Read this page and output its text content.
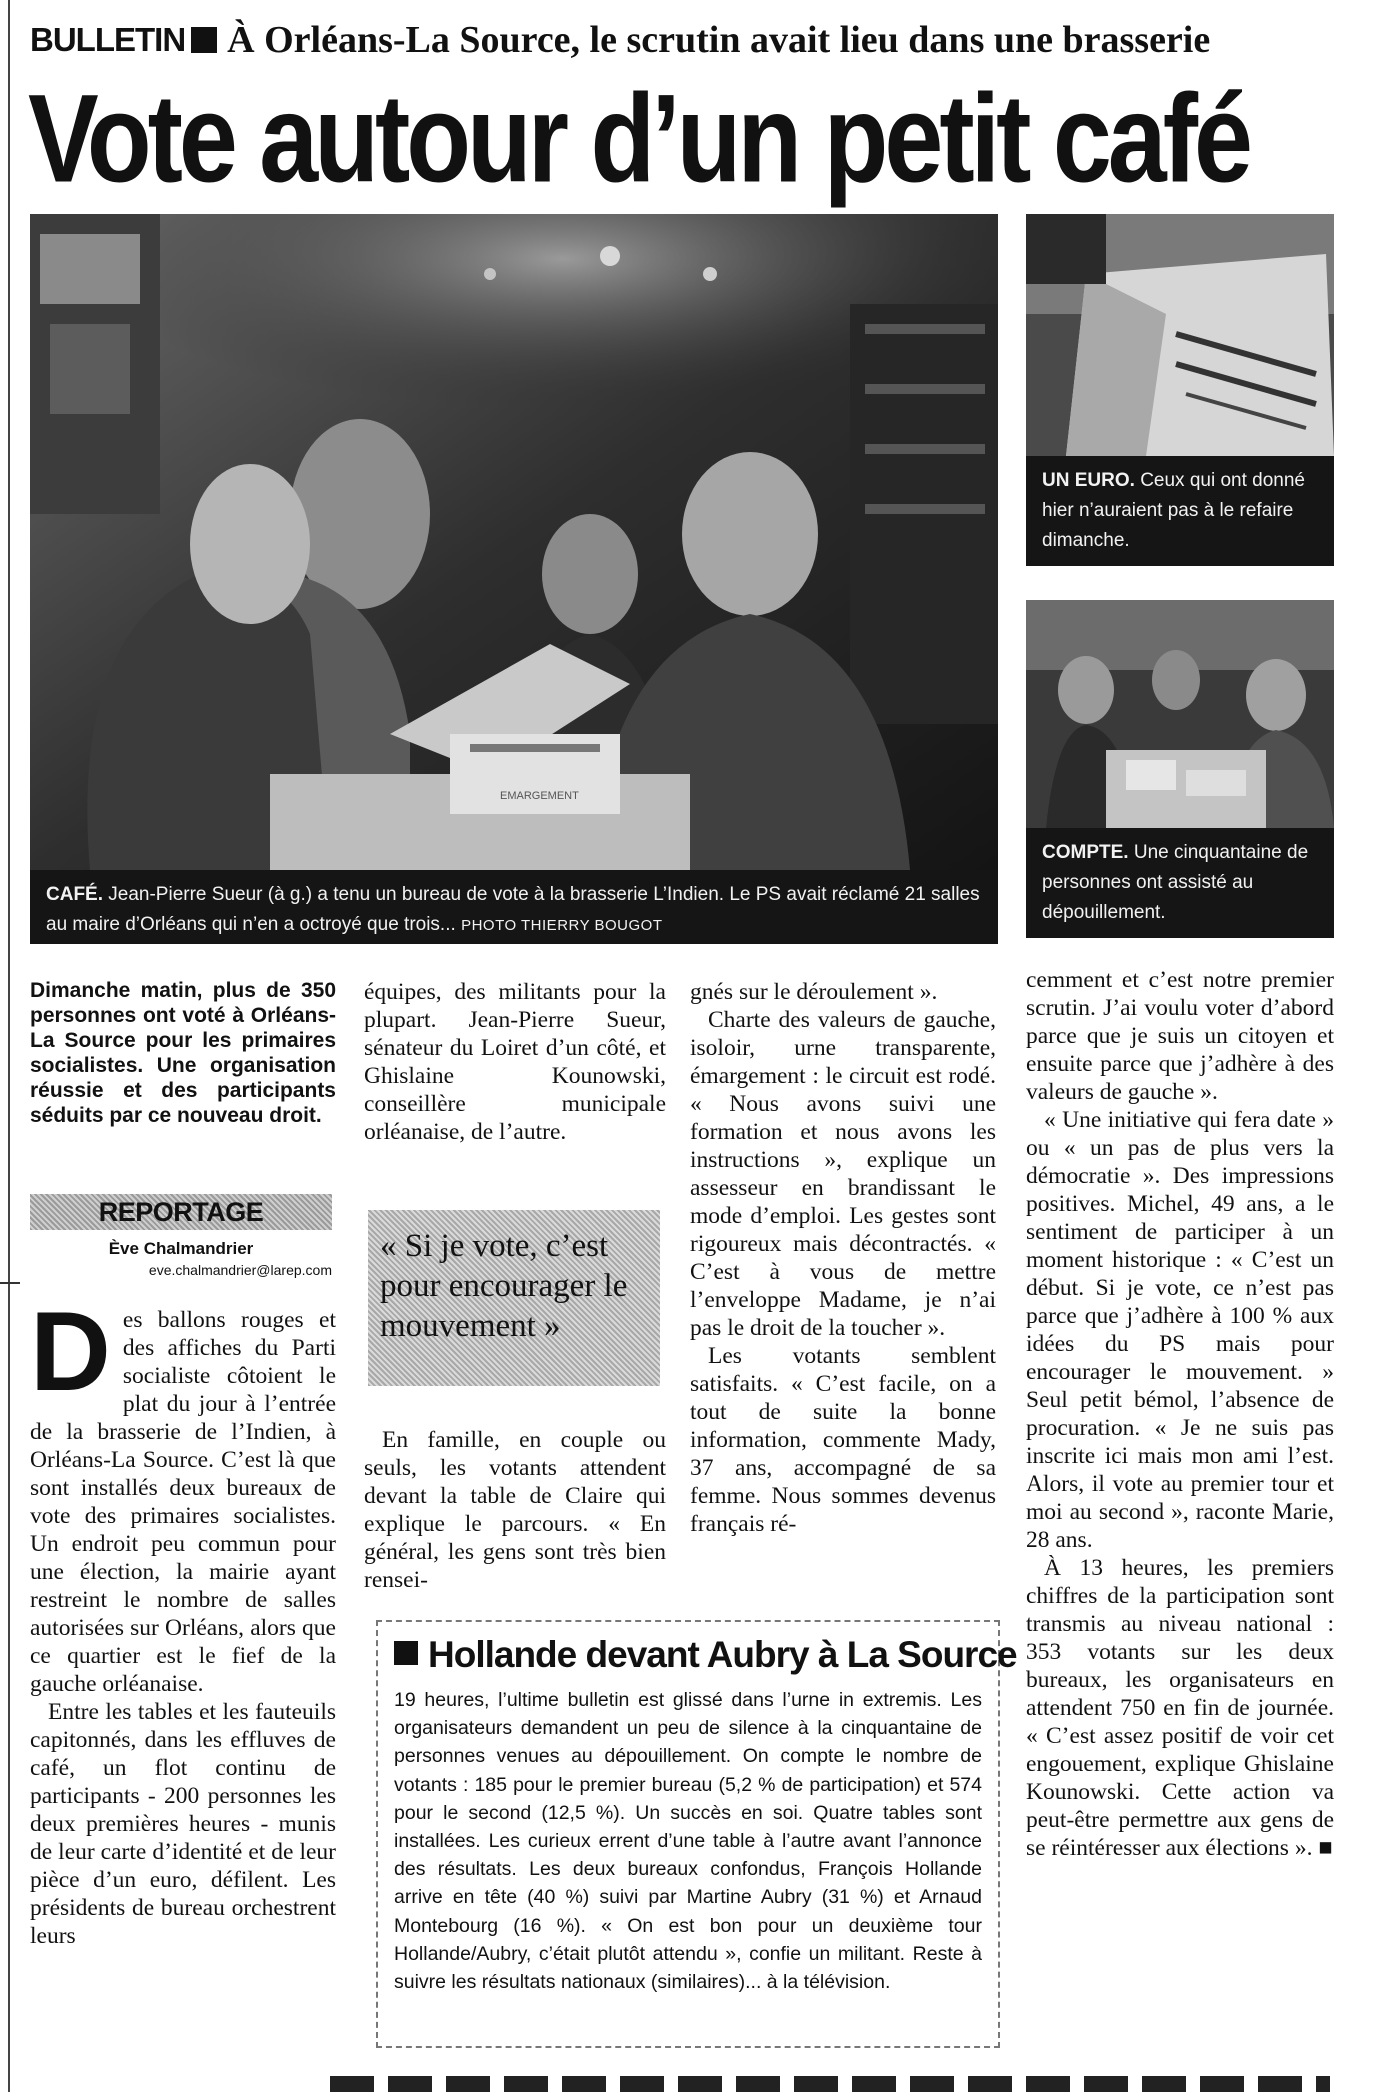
BULLETIN À Orléans-La Source, le scrutin avait lieu dans une brasserie
Vote autour d’un petit café
EMARGEMENT
CAFÉ. Jean-Pierre Sueur (à g.) a tenu un bureau de vote à la brasserie L’Indien. Le PS avait réclamé 21 salles au maire d’Orléans qui n’en a octroyé que trois... PHOTO THIERRY BOUGOT
UN EURO. Ceux qui ont donné hier n’auraient pas à le refaire dimanche.
COMPTE. Une cinquantaine de personnes ont assisté au dépouillement.
Dimanche matin, plus de 350 personnes ont voté à Orléans-La Source pour les primaires socialistes. Une organisation réussie et des participants séduits par ce nouveau droit.
REPORTAGE
Ève Chalmandrier
eve.chalmandrier@larep.com

Des ballons rouges et des affiches du Parti socialiste côtoient le plat du jour à l’entrée de la brasserie de l’Indien, à Orléans-La Source. C’est là que sont installés deux bureaux de vote des primaires socialistes. Un endroit peu commun pour une élection, la mairie ayant restreint le nombre de salles autorisées sur Orléans, alors que ce quartier est le fief de la gauche orléanaise.

Entre les tables et les fauteuils capitonnés, dans les effluves de café, un flot continu de participants - 200 personnes les deux premières heures - munis de leur carte d’identité et de leur pièce d’un euro, défilent. Les présidents de bureau orchestrent leurs

équipes, des militants pour la plupart. Jean-Pierre Sueur, sénateur du Loiret d’un côté, et Ghislaine Kounowski, conseillère municipale orléanaise, de l’autre.

« Si je vote, c’est pour encourager le mouvement »

En famille, en couple ou seuls, les votants attendent devant la table de Claire qui explique le parcours. « En général, les gens sont très bien rensei-

gnés sur le déroulement ».

Charte des valeurs de gauche, isoloir, urne transparente, émargement : le circuit est rodé. « Nous avons suivi une formation et nous avons les instructions », explique un assesseur en brandissant le mode d’emploi. Les gestes sont rigoureux mais décontractés. « C’est à vous de mettre l’enveloppe Madame, je n’ai pas le droit de la toucher ».

Les votants semblent satisfaits. « C’est facile, on a tout de suite la bonne information, commente Mady, 37 ans, accompagné de sa femme. Nous sommes devenus français ré-

cemment et c’est notre premier scrutin. J’ai voulu voter d’abord parce que je suis un citoyen et ensuite parce que j’adhère à des valeurs de gauche ».

« Une initiative qui fera date » ou « un pas de plus vers la démocratie ». Des impressions positives. Michel, 49 ans, a le sentiment de participer à un moment historique : « C’est un début. Si je vote, ce n’est pas parce que j’adhère à 100 % aux idées du PS mais pour encourager le mouvement. » Seul petit bémol, l’absence de procuration. « Je ne suis pas inscrite ici mais mon ami l’est. Alors, il vote au premier tour et moi au second », raconte Marie, 28 ans.

À 13 heures, les premiers chiffres de la participation sont transmis au niveau national : 353 votants sur les deux bureaux, les organisateurs en attendent 750 en fin de journée. « C’est assez positif de voir cet engouement, explique Ghislaine Kounowski. Cette action va peut-être permettre aux gens de se réintéresser aux élections ». ■

Hollande devant Aubry à La Source
19 heures, l’ultime bulletin est glissé dans l’urne in extremis. Les organisateurs demandent un peu de silence à la cinquantaine de personnes venues au dépouillement. On compte le nombre de votants : 185 pour le premier bureau (5,2 % de participation) et 574 pour le second (12,5 %). Un succès en soi. Quatre tables sont installées. Les curieux errent d’une table à l’autre avant l’annonce des résultats. Les deux bureaux confondus, François Hollande arrive en tête (40 %) suivi par Martine Aubry (31 %) et Arnaud Montebourg (16 %). « On est bon pour un deuxième tour Hollande/Aubry, c’était plutôt attendu », confie un militant. Reste à suivre les résultats nationaux (similaires)... à la télévision.
